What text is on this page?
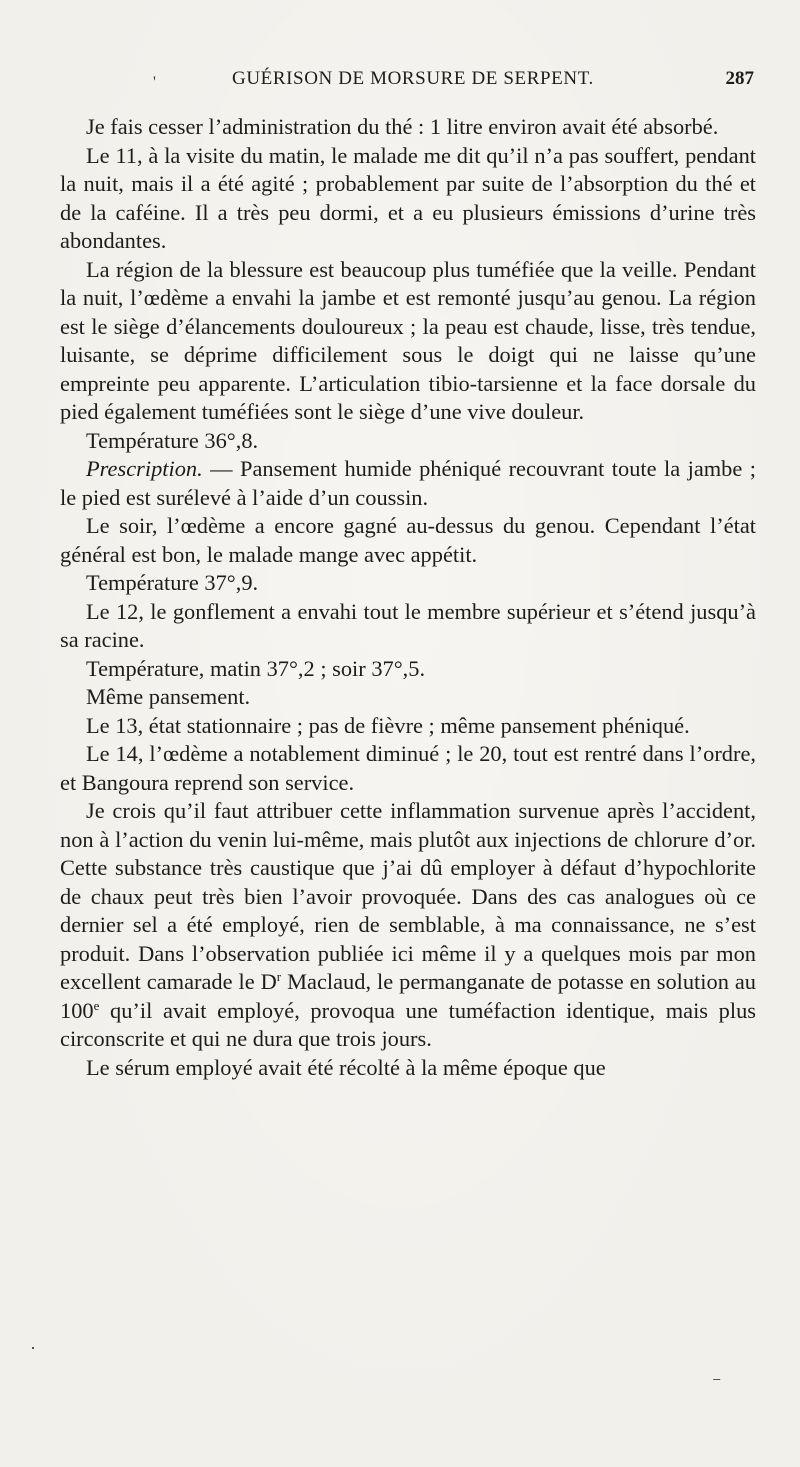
'
·
⁻
GUÉRISON DE MORSURE DE SERPENT.	287

Je fais cesser l’administration du thé : 1 litre environ avait été absorbé.

Le 11, à la visite du matin, le malade me dit qu’il n’a pas souffert, pendant la nuit, mais il a été agité ; probablement par suite de l’absorption du thé et de la caféine. Il a très peu dormi, et a eu plusieurs émissions d’urine très abondantes.

La région de la blessure est beaucoup plus tuméfiée que la veille. Pendant la nuit, l’œdème a envahi la jambe et est remonté jusqu’au genou. La région est le siège d’élancements douloureux ; la peau est chaude, lisse, très tendue, luisante, se déprime difficilement sous le doigt qui ne laisse qu’une empreinte peu apparente. L’articulation tibio-tarsienne et la face dorsale du pied également tuméfiées sont le siège d’une vive douleur.

Température 36°,8.

Prescription. — Pansement humide phéniqué recouvrant toute la jambe ; le pied est surélevé à l’aide d’un coussin.

Le soir, l’œdème a encore gagné au-dessus du genou. Cependant l’état général est bon, le malade mange avec appétit.

Température 37°,9.

Le 12, le gonflement a envahi tout le membre supérieur et s’étend jusqu’à sa racine.

Température, matin 37°,2 ; soir 37°,5.

Même pansement.

Le 13, état stationnaire ; pas de fièvre ; même pansement phéniqué.

Le 14, l’œdème a notablement diminué ; le 20, tout est rentré dans l’ordre, et Bangoura reprend son service.

Je crois qu’il faut attribuer cette inflammation survenue après l’accident, non à l’action du venin lui-même, mais plutôt aux injections de chlorure d’or. Cette substance très caustique que j’ai dû employer à défaut d’hypochlorite de chaux peut très bien l’avoir provoquée. Dans des cas analogues où ce dernier sel a été employé, rien de semblable, à ma connaissance, ne s’est produit. Dans l’observation publiée ici même il y a quelques mois par mon excellent camarade le $D^r$ Maclaud, le permanganate de potasse en solution au 100e qu’il avait employé, provoqua une tuméfaction identique, mais plus circonscrite et qui ne dura que trois jours.

Le sérum employé avait été récolté à la même époque que
